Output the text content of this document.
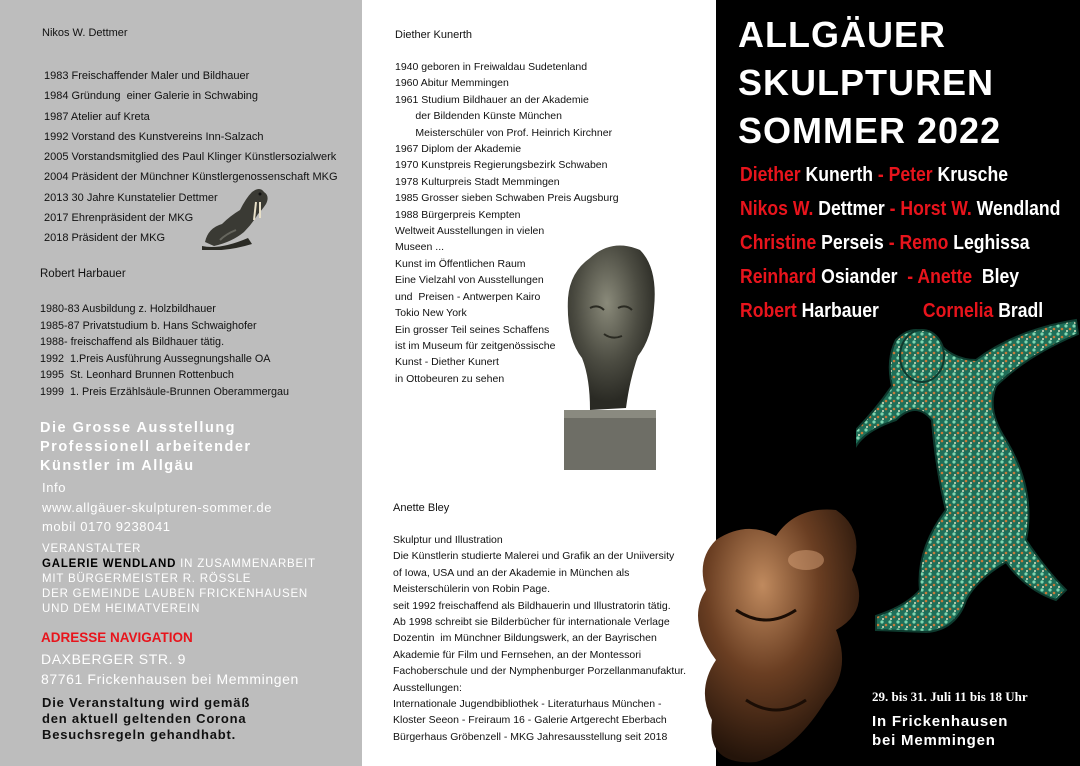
Nikos W. Dettmer
1983 Freischaffender Maler und Bildhauer
1984 Gründung  einer Galerie in Schwabing
1987 Atelier auf Kreta
1992 Vorstand des Kunstvereins Inn-Salzach
2005 Vorstandsmitglied des Paul Klinger Künstlersozialwerk
2004 Präsident der Münchner Künstlergenossenschaft MKG
2013 30 Jahre Kunstatelier Dettmer
2017 Ehrenpräsident der MKG
2018 Präsident der MKG
Robert Harbauer
1980-83 Ausbildung z. Holzbildhauer
1985-87 Privatstudium b. Hans Schwaighofer
1988- freischaffend als Bildhauer tätig.
1992  1.Preis Ausführung Aussegnungshalle OA
1995  St. Leonhard Brunnen Rottenbuch
1999  1. Preis Erzählsäule-Brunnen Oberammergau
Die Grosse Ausstellung
Professionell arbeitender
Künstler im Allgäu
Info
www.allgäuer-skulpturen-sommer.de
mobil 0170 9238041
VERANSTALTER
GALERIE WENDLAND IN ZUSAMMENARBEIT
MIT BÜRGERMEISTER R. RÖSSLE
DER GEMEINDE LAUBEN FRICKENHAUSEN
UND DEM HEIMATVEREIN
ADRESSE NAVIGATION
DAXBERGER STR. 9
87761 Frickenhausen bei Memmingen
Die Veranstaltung wird gemäß
den aktuell geltenden Corona
Besuchsregeln gehandhabt.
Diether Kunerth
1940 geboren in Freiwaldau Sudetenland
1960 Abitur Memmingen
1961 Studium Bildhauer an der Akademie
der Bildenden Künste München
Meisterschüler von Prof. Heinrich Kirchner
1967 Diplom der Akademie
1970 Kunstpreis Regierungsbezirk Schwaben
1978 Kulturpreis Stadt Memmingen
1985 Grosser sieben Schwaben Preis Augsburg
1988 Bürgerpreis Kempten
Weltweit Ausstellungen in vielen
Museen ...
Kunst im Öffentlichen Raum
Eine Vielzahl von Ausstellungen
und  Preisen - Antwerpen Kairo
Tokio New York
Ein grosser Teil seines Schaffens
ist im Museum für zeitgenössische
Kunst - Diether Kunert
in Ottobeuren zu sehen
Anette Bley
Skulptur und Illustration
Die Künstlerin studierte Malerei und Grafik an der Uniiversity
of Iowa, USA und an der Akademie in München als
Meisterschülerin von Robin Page.
seit 1992 freischaffend als Bildhauerin und Illustratorin tätig.
Ab 1998 schreibt sie Bilderbücher für internationale Verlage
Dozentin  im Münchner Bildungswerk, an der Bayrischen
Akademie für Film und Fernsehen, an der Montessori
Fachoberschule und der Nymphenburger Porzellanmanufaktur.
Ausstellungen:
Internationale Jugendbibliothek - Literaturhaus München -
Kloster Seeon - Freiraum 16 - Galerie Artgerecht Eberbach
Bürgerhaus Gröbenzell - MKG Jahresausstellung seit 2018
ALLGÄUER
SKULPTUREN
SOMMER 2022
Diether Kunerth - Peter Krusche
Nikos W. Dettmer - Horst W. Wendland
Christine Perseis - Remo Leghissa
Reinhard Osiander  - Anette  Bley
Robert Harbauer         Cornelia Bradl
29. bis 31. Juli 11 bis 18 Uhr
In Frickenhausen
bei Memmingen
